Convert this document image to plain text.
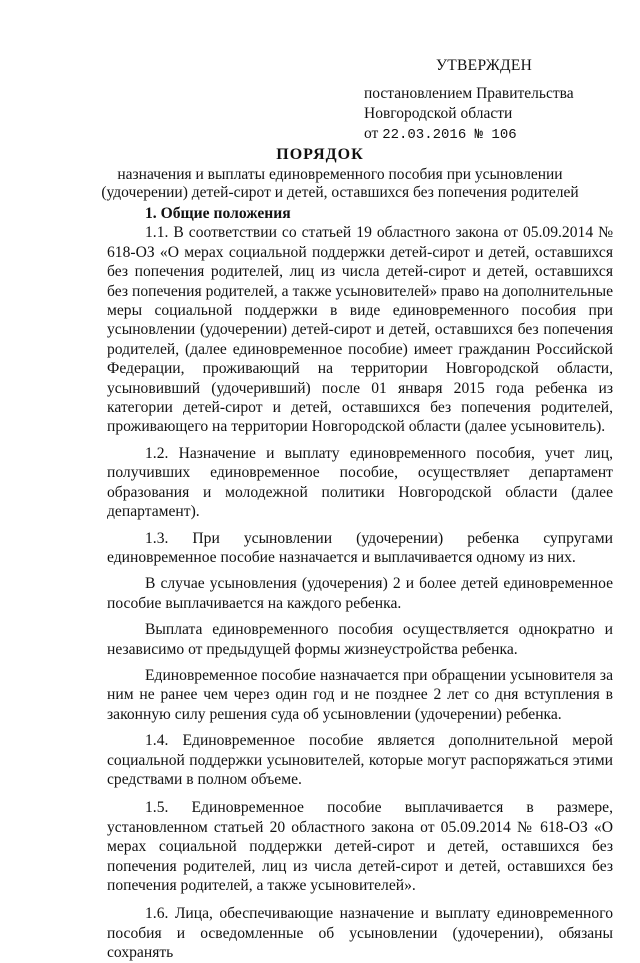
УТВЕРЖДЕН
постановлением Правительства
Новгородской области
от 22.03.2016 № 106
ПОРЯДОК
назначения и выплаты единовременного пособия при усыновлении
(удочерении) детей-сирот и детей, оставшихся без попечения родителей

1. Общие положения

1.1. В соответствии со статьей 19 областного закона от 05.09.2014 № 618-ОЗ «О мерах социальной поддержки детей-сирот и детей, оставшихся без попечения родителей, лиц из числа детей-сирот и детей, оставшихся без попечения родителей, а также усыновителей» право на дополнительные меры социальной поддержки в виде единовременного пособия при усыновлении (удочерении) детей-сирот и детей, оставшихся без попечения родителей, (далее единовременное пособие) имеет гражданин Российской Федерации, проживающий на территории Новгородской области, усыновивший (удочеривший) после 01 января 2015 года ребенка из категории детей-сирот и детей, оставшихся без попечения родителей, проживающего на территории Новгородской области (далее усыновитель).

1.2. Назначение и выплату единовременного пособия, учет лиц, получивших единовременное пособие, осуществляет департамент образования и молодежной политики Новгородской области (далее департамент).

1.3. При усыновлении (удочерении) ребенка супругами единовременное пособие назначается и выплачивается одному из них.

В случае усыновления (удочерения) 2 и более детей единовременное пособие выплачивается на каждого ребенка.

Выплата единовременного пособия осуществляется однократно и независимо от предыдущей формы жизнеустройства ребенка.

Единовременное пособие назначается при обращении усыновителя за ним не ранее чем через один год и не позднее 2 лет со дня вступления в законную силу решения суда об усыновлении (удочерении) ребенка.

1.4. Единовременное пособие является дополнительной мерой социальной поддержки усыновителей, которые могут распоряжаться этими средствами в полном объеме.

1.5. Единовременное пособие выплачивается в размере, установленном статьей 20 областного закона от 05.09.2014 № 618-ОЗ «О мерах социальной поддержки детей-сирот и детей, оставшихся без попечения родителей, лиц из числа детей-сирот и детей, оставшихся без попечения родителей, а также усыновителей».

1.6. Лица, обеспечивающие назначение и выплату единовременного пособия и осведомленные об усыновлении (удочерении), обязаны сохранять
